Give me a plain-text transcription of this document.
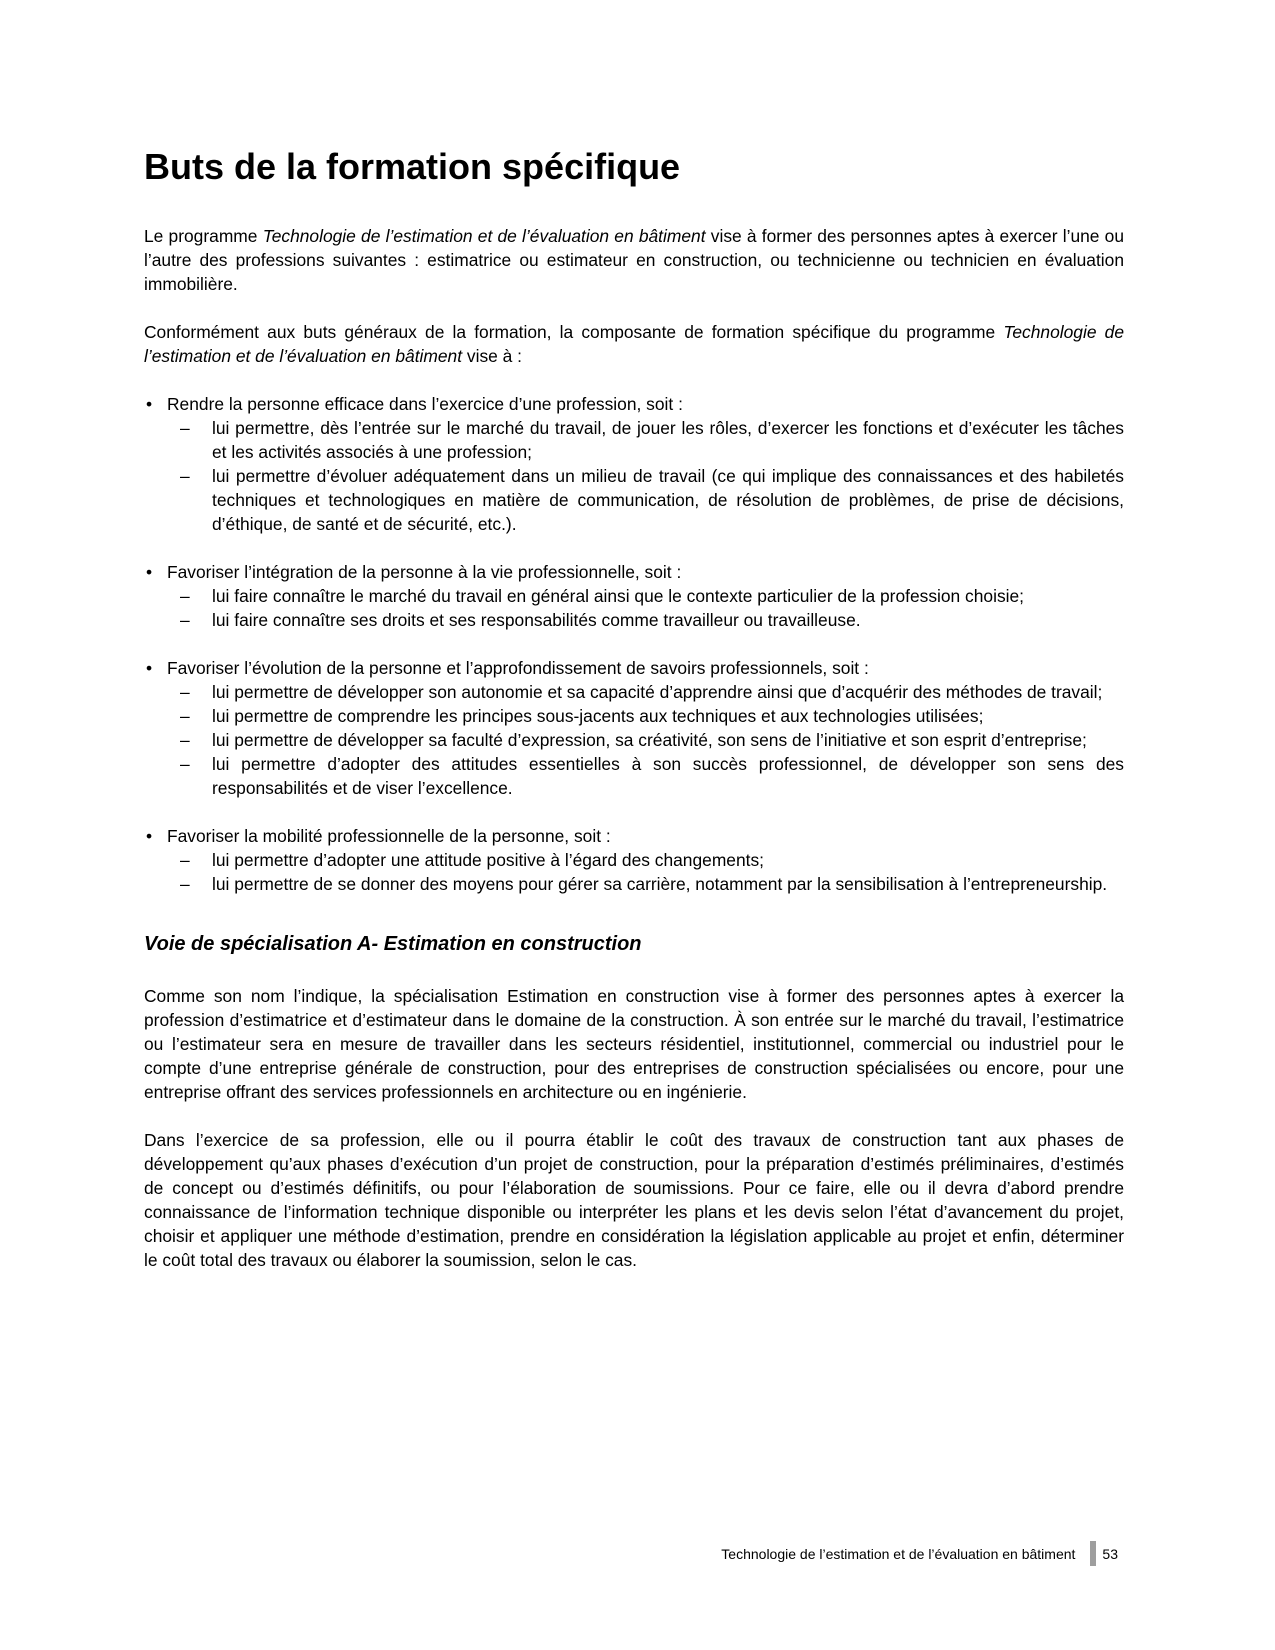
Buts de la formation spécifique

Le programme Technologie de l’estimation et de l’évaluation en bâtiment vise à former des personnes aptes à exercer l’une ou l’autre des professions suivantes : estimatrice ou estimateur en construction, ou technicienne ou technicien en évaluation immobilière.

Conformément aux buts généraux de la formation, la composante de formation spécifique du programme Technologie de l’estimation et de l’évaluation en bâtiment vise à :

• Rendre la personne efficace dans l’exercice d’une profession, soit :
– lui permettre, dès l’entrée sur le marché du travail, de jouer les rôles, d’exercer les fonctions et d’exécuter les tâches et les activités associés à une profession;
– lui permettre d’évoluer adéquatement dans un milieu de travail (ce qui implique des connaissances et des habiletés techniques et technologiques en matière de communication, de résolution de problèmes, de prise de décisions, d’éthique, de santé et de sécurité, etc.).
• Favoriser l’intégration de la personne à la vie professionnelle, soit :
– lui faire connaître le marché du travail en général ainsi que le contexte particulier de la profession choisie;
– lui faire connaître ses droits et ses responsabilités comme travailleur ou travailleuse.
• Favoriser l’évolution de la personne et l’approfondissement de savoirs professionnels, soit :
– lui permettre de développer son autonomie et sa capacité d’apprendre ainsi que d’acquérir des méthodes de travail;
– lui permettre de comprendre les principes sous-jacents aux techniques et aux technologies utilisées;
– lui permettre de développer sa faculté d’expression, sa créativité, son sens de l’initiative et son esprit d’entreprise;
– lui permettre d’adopter des attitudes essentielles à son succès professionnel, de développer son sens des responsabilités et de viser l’excellence.
• Favoriser la mobilité professionnelle de la personne, soit :
– lui permettre d’adopter une attitude positive à l’égard des changements;
– lui permettre de se donner des moyens pour gérer sa carrière, notamment par la sensibilisation à l’entrepreneurship.
Voie de spécialisation A- Estimation en construction

Comme son nom l’indique, la spécialisation Estimation en construction vise à former des personnes aptes à exercer la profession d’estimatrice et d’estimateur dans le domaine de la construction. À son entrée sur le marché du travail, l’estimatrice ou l’estimateur sera en mesure de travailler dans les secteurs résidentiel, institutionnel, commercial ou industriel pour le compte d’une entreprise générale de construction, pour des entreprises de construction spécialisées ou encore, pour une entreprise offrant des services professionnels en architecture ou en ingénierie.

Dans l’exercice de sa profession, elle ou il pourra établir le coût des travaux de construction tant aux phases de développement qu’aux phases d’exécution d’un projet de construction, pour la préparation d’estimés préliminaires, d’estimés de concept ou d’estimés définitifs, ou pour l’élaboration de soumissions. Pour ce faire, elle ou il devra d’abord prendre connaissance de l’information technique disponible ou interpréter les plans et les devis selon l’état d’avancement du projet, choisir et appliquer une méthode d’estimation, prendre en considération la législation applicable au projet et enfin, déterminer le coût total des travaux ou élaborer la soumission, selon le cas.

Technologie de l’estimation et de l’évaluation en bâtiment 53
